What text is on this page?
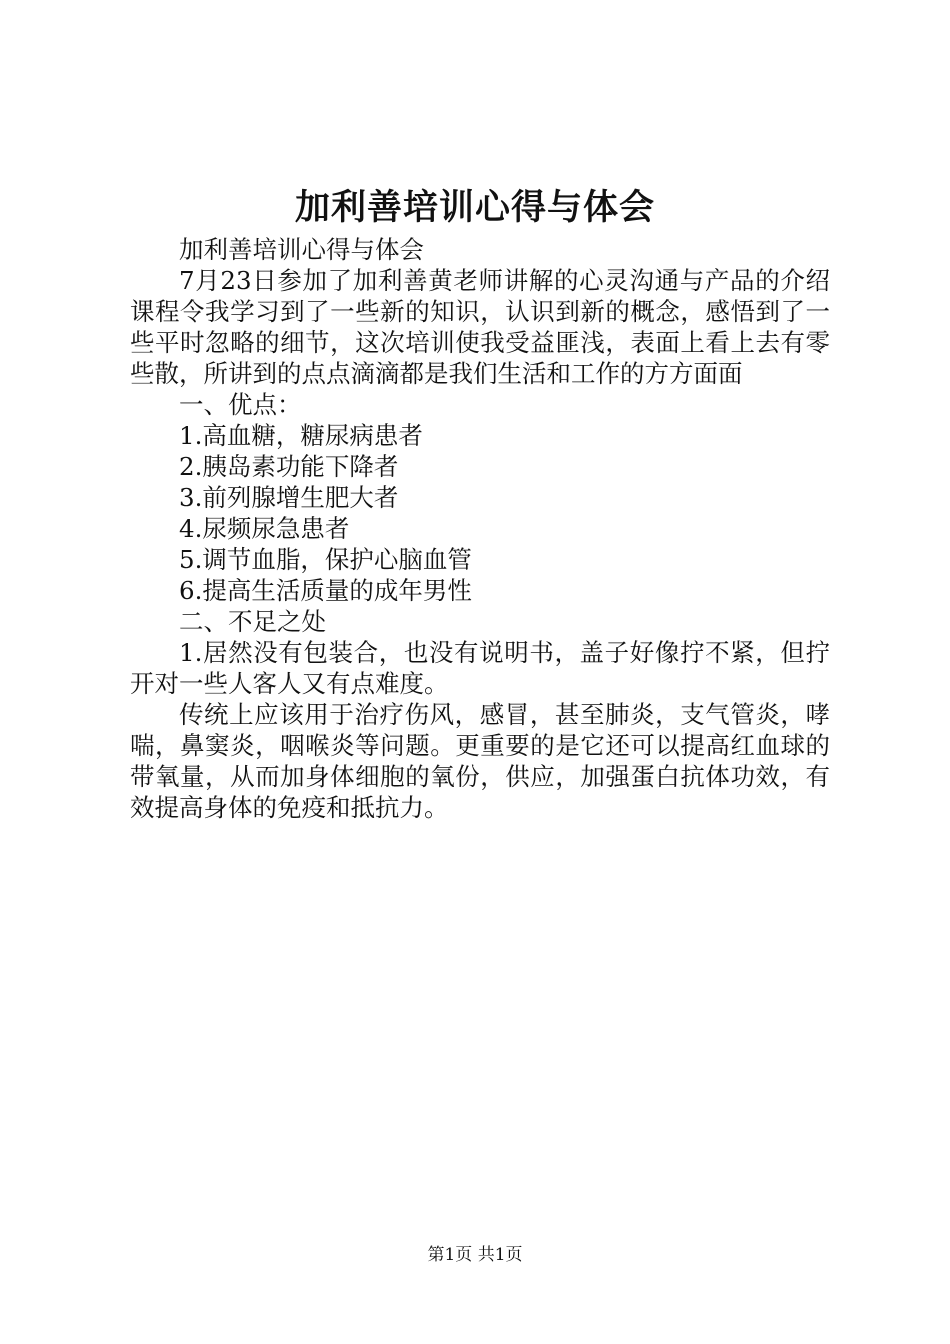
加利善培训心得与体会

加利善培训心得与体会

7月23日参加了加利善黄老师讲解的心灵沟通与产品的介绍课程令我学习到了一些新的知识，认识到新的概念，感悟到了一些平时忽略的细节，这次培训使我受益匪浅，表面上看上去有零些散，所讲到的点点滴滴都是我们生活和工作的方方面面

一、优点：

1.高血糖，糖尿病患者

2.胰岛素功能下降者

3.前列腺增生肥大者

4.尿频尿急患者

5.调节血脂，保护心脑血管

6.提高生活质量的成年男性

二、不足之处

1.居然没有包装合，也没有说明书，盖子好像拧不紧，但拧开对一些人客人又有点难度。

传统上应该用于治疗伤风，感冒，甚至肺炎，支气管炎，哮喘，鼻窦炎，咽喉炎等问题。更重要的是它还可以提高红血球的带氧量，从而加身体细胞的氧份，供应，加强蛋白抗体功效，有效提高身体的免疫和抵抗力。

第1页 共1页
